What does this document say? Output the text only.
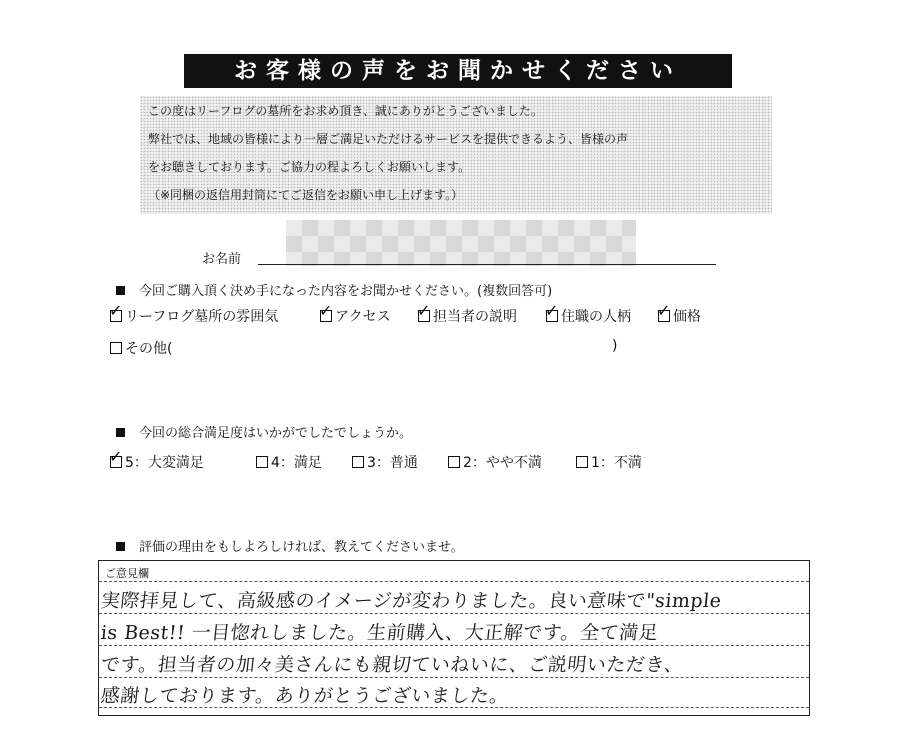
お客様の声をお聞かせください
この度はリーフログの墓所をお求め頂き、誠にありがとうございました。
弊社では、地域の皆様により一層ご満足いただけるサービスを提供できるよう、皆様の声
をお聴きしております。ご協力の程よろしくお願いします。
（※同梱の返信用封筒にてご返信をお願い申し上げます。）
お名前
今回ご購入頂く決め手になった内容をお聞かせください。(複数回答可)
✓ リーフログ墓所の雰囲気	✓ アクセス ✓ 担当者の説明 ✓ 住職の人柄 ✓ 価格
その他(	)
今回の総合満足度はいかがでしたでしょうか。
✓ 5：大変満足	4：満足	3：普通	2：やや不満	1：不満
評価の理由をもしよろしければ、教えてくださいませ。
ご意見欄
実際拝見して、高級感のイメージが変わりました。良い意味で"simple
is Best!! 一目惚れしました。生前購入、大正解です。全て満足
です。担当者の加々美さんにも親切ていねいに、ご説明いただき、
感謝しております。ありがとうございました。
